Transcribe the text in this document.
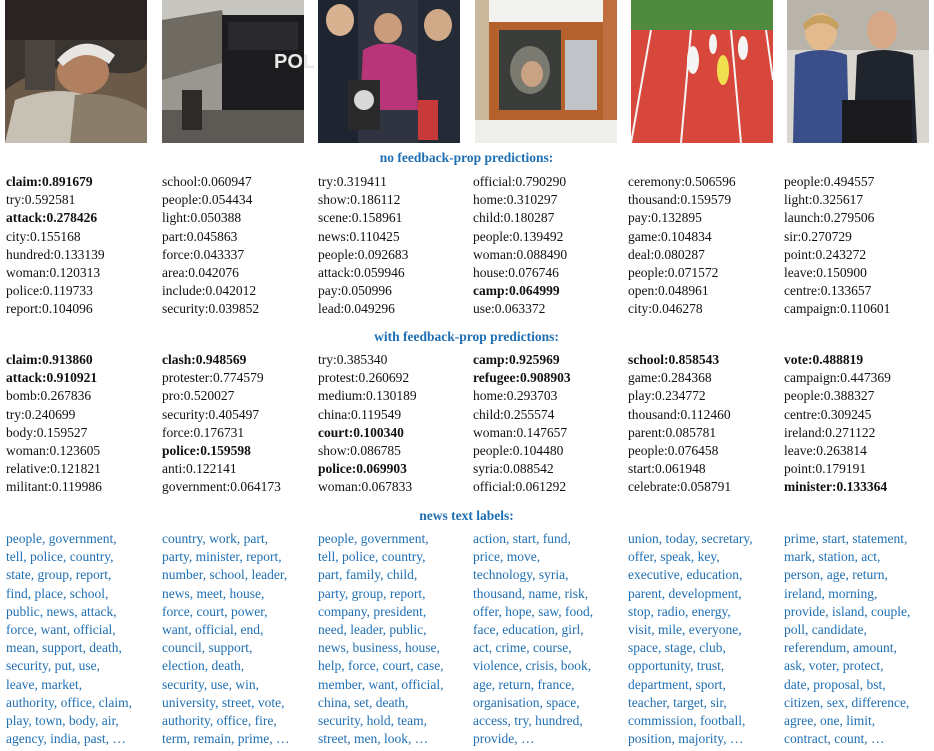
POL
no feedback-prop predictions:
with feedback-prop predictions:
news text labels:
claim:0.891679
try:0.592581
attack:0.278426
city:0.155168
hundred:0.133139
woman:0.120313
police:0.119733
report:0.104096
school:0.060947
people:0.054434
light:0.050388
part:0.045863
force:0.043337
area:0.042076
include:0.042012
security:0.039852
try:0.319411
show:0.186112
scene:0.158961
news:0.110425
people:0.092683
attack:0.059946
pay:0.050996
lead:0.049296
official:0.790290
home:0.310297
child:0.180287
people:0.139492
woman:0.088490
house:0.076746
camp:0.064999
use:0.063372
ceremony:0.506596
thousand:0.159579
pay:0.132895
game:0.104834
deal:0.080287
people:0.071572
open:0.048961
city:0.046278
people:0.494557
light:0.325617
launch:0.279506
sir:0.270729
point:0.243272
leave:0.150900
centre:0.133657
campaign:0.110601
claim:0.913860
attack:0.910921
bomb:0.267836
try:0.240699
body:0.159527
woman:0.123605
relative:0.121821
militant:0.119986
clash:0.948569
protester:0.774579
pro:0.520027
security:0.405497
force:0.176731
police:0.159598
anti:0.122141
government:0.064173
try:0.385340
protest:0.260692
medium:0.130189
china:0.119549
court:0.100340
show:0.086785
police:0.069903
woman:0.067833
camp:0.925969
refugee:0.908903
home:0.293703
child:0.255574
woman:0.147657
people:0.104480
syria:0.088542
official:0.061292
school:0.858543
game:0.284368
play:0.234772
thousand:0.112460
parent:0.085781
people:0.076458
start:0.061948
celebrate:0.058791
vote:0.488819
campaign:0.447369
people:0.388327
centre:0.309245
ireland:0.271122
leave:0.263814
point:0.179191
minister:0.133364
people, government,
tell, police, country,
state, group, report,
find, place, school,
public, news, attack,
force, want, official,
mean, support, death,
security, put, use,
leave, market,
authority, office, claim,
play, town, body, air,
agency, india, past, …
country, work, part,
party, minister, report,
number, school, leader,
news, meet, house,
force, court, power,
want, official, end,
council, support,
election, death,
security, use, win,
university, street, vote,
authority, office, fire,
term, remain, prime, …
people, government,
tell, police, country,
part, family, child,
party, group, report,
company, president,
need, leader, public,
news, business, house,
help, force, court, case,
member, want, official,
china, set, death,
security, hold, team,
street, men, look, …
action, start, fund,
price, move,
technology, syria,
thousand, name, risk,
offer, hope, saw, food,
face, education, girl,
act, crime, course,
violence, crisis, book,
age, return, france,
organisation, space,
access, try, hundred,
provide, …
union, today, secretary,
offer, speak, key,
executive, education,
parent, development,
stop, radio, energy,
visit, mile, everyone,
space, stage, club,
opportunity, trust,
department, sport,
teacher, target, sir,
commission, football,
position, majority, …
prime, start, statement,
mark, station, act,
person, age, return,
ireland, morning,
provide, island, couple,
poll, candidate,
referendum, amount,
ask, voter, protect,
date, proposal, bst,
citizen, sex, difference,
agree, one, limit,
contract, count, …
